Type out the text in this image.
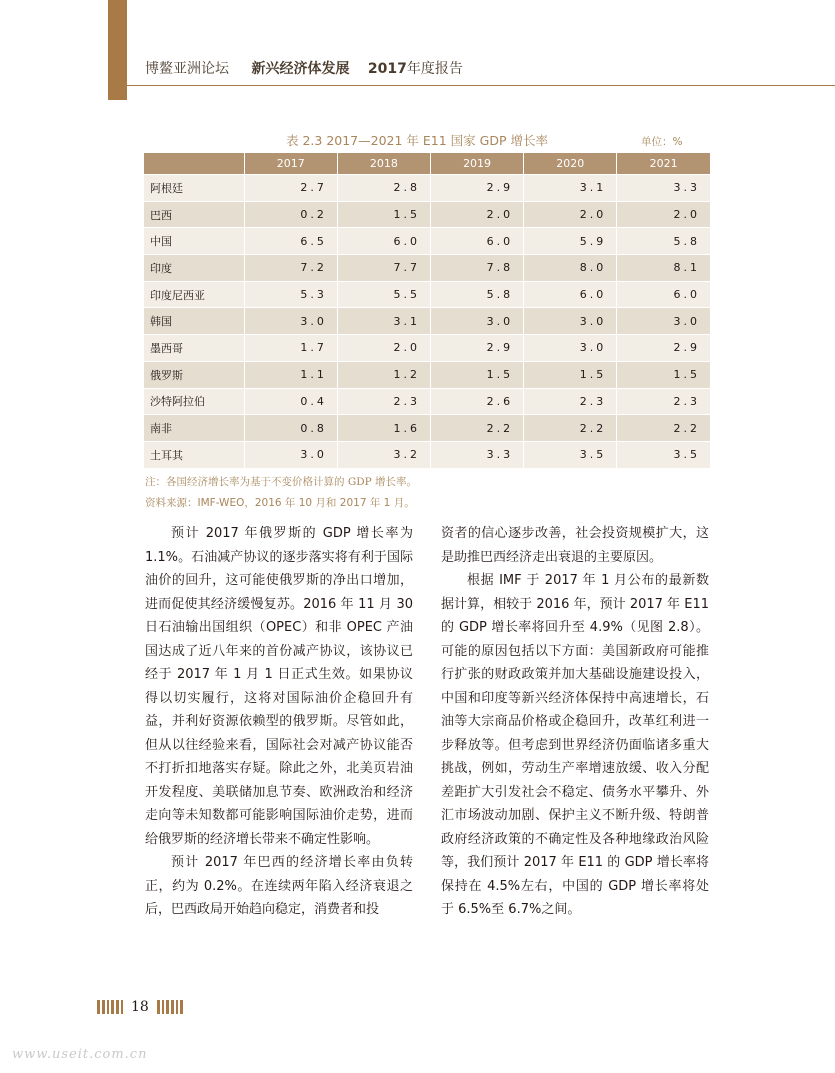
博鳌亚洲论坛 新兴经济体发展 2017年度报告
表 2.3 2017—2021 年 E11 国家 GDP 增长率	单位：%
	2017	2018	2019	2020	2021
阿根廷	2.7	2.8	2.9	3.1	3.3
巴西	0.2	1.5	2.0	2.0	2.0
中国	6.5	6.0	6.0	5.9	5.8
印度	7.2	7.7	7.8	8.0	8.1
印度尼西亚	5.3	5.5	5.8	6.0	6.0
韩国	3.0	3.1	3.0	3.0	3.0
墨西哥	1.7	2.0	2.9	3.0	2.9
俄罗斯	1.1	1.2	1.5	1.5	1.5
沙特阿拉伯	0.4	2.3	2.6	2.3	2.3
南非	0.8	1.6	2.2	2.2	2.2
土耳其	3.0	3.2	3.3	3.5	3.5
注：各国经济增长率为基于不变价格计算的 GDP 增长率。
资料来源：IMF-WEO，2016 年 10 月和 2017 年 1 月。

预计 2017 年俄罗斯的 GDP 增长率为 1.1%。石油减产协议的逐步落实将有利于国际油价的回升，这可能使俄罗斯的净出口增加，进而促使其经济缓慢复苏。2016 年 11 月 30 日石油输出国组织（OPEC）和非 OPEC 产油国达成了近八年来的首份减产协议，该协议已经于 2017 年 1 月 1 日正式生效。如果协议得以切实履行，这将对国际油价企稳回升有益，并利好资源依赖型的俄罗斯。尽管如此，但从以往经验来看，国际社会对减产协议能否不打折扣地落实存疑。除此之外，北美页岩油开发程度、美联储加息节奏、欧洲政治和经济走向等未知数都可能影响国际油价走势，进而给俄罗斯的经济增长带来不确定性影响。

预计 2017 年巴西的经济增长率由负转正，约为 0.2%。在连续两年陷入经济衰退之后，巴西政局开始趋向稳定，消费者和投

资者的信心逐步改善，社会投资规模扩大，这是助推巴西经济走出衰退的主要原因。

根据 IMF 于 2017 年 1 月公布的最新数据计算，相较于 2016 年，预计 2017 年 E11 的 GDP 增长率将回升至 4.9%（见图 2.8）。可能的原因包括以下方面：美国新政府可能推行扩张的财政政策并加大基础设施建设投入，中国和印度等新兴经济体保持中高速增长，石油等大宗商品价格或企稳回升，改革红利进一步释放等。但考虑到世界经济仍面临诸多重大挑战，例如，劳动生产率增速放缓、收入分配差距扩大引发社会不稳定、债务水平攀升、外汇市场波动加剧、保护主义不断升级、特朗普政府经济政策的不确定性及各种地缘政治风险等，我们预计 2017 年 E11 的 GDP 增长率将保持在 4.5%左右，中国的 GDP 增长率将处于 6.5%至 6.7%之间。

18
www.useit.com.cn
